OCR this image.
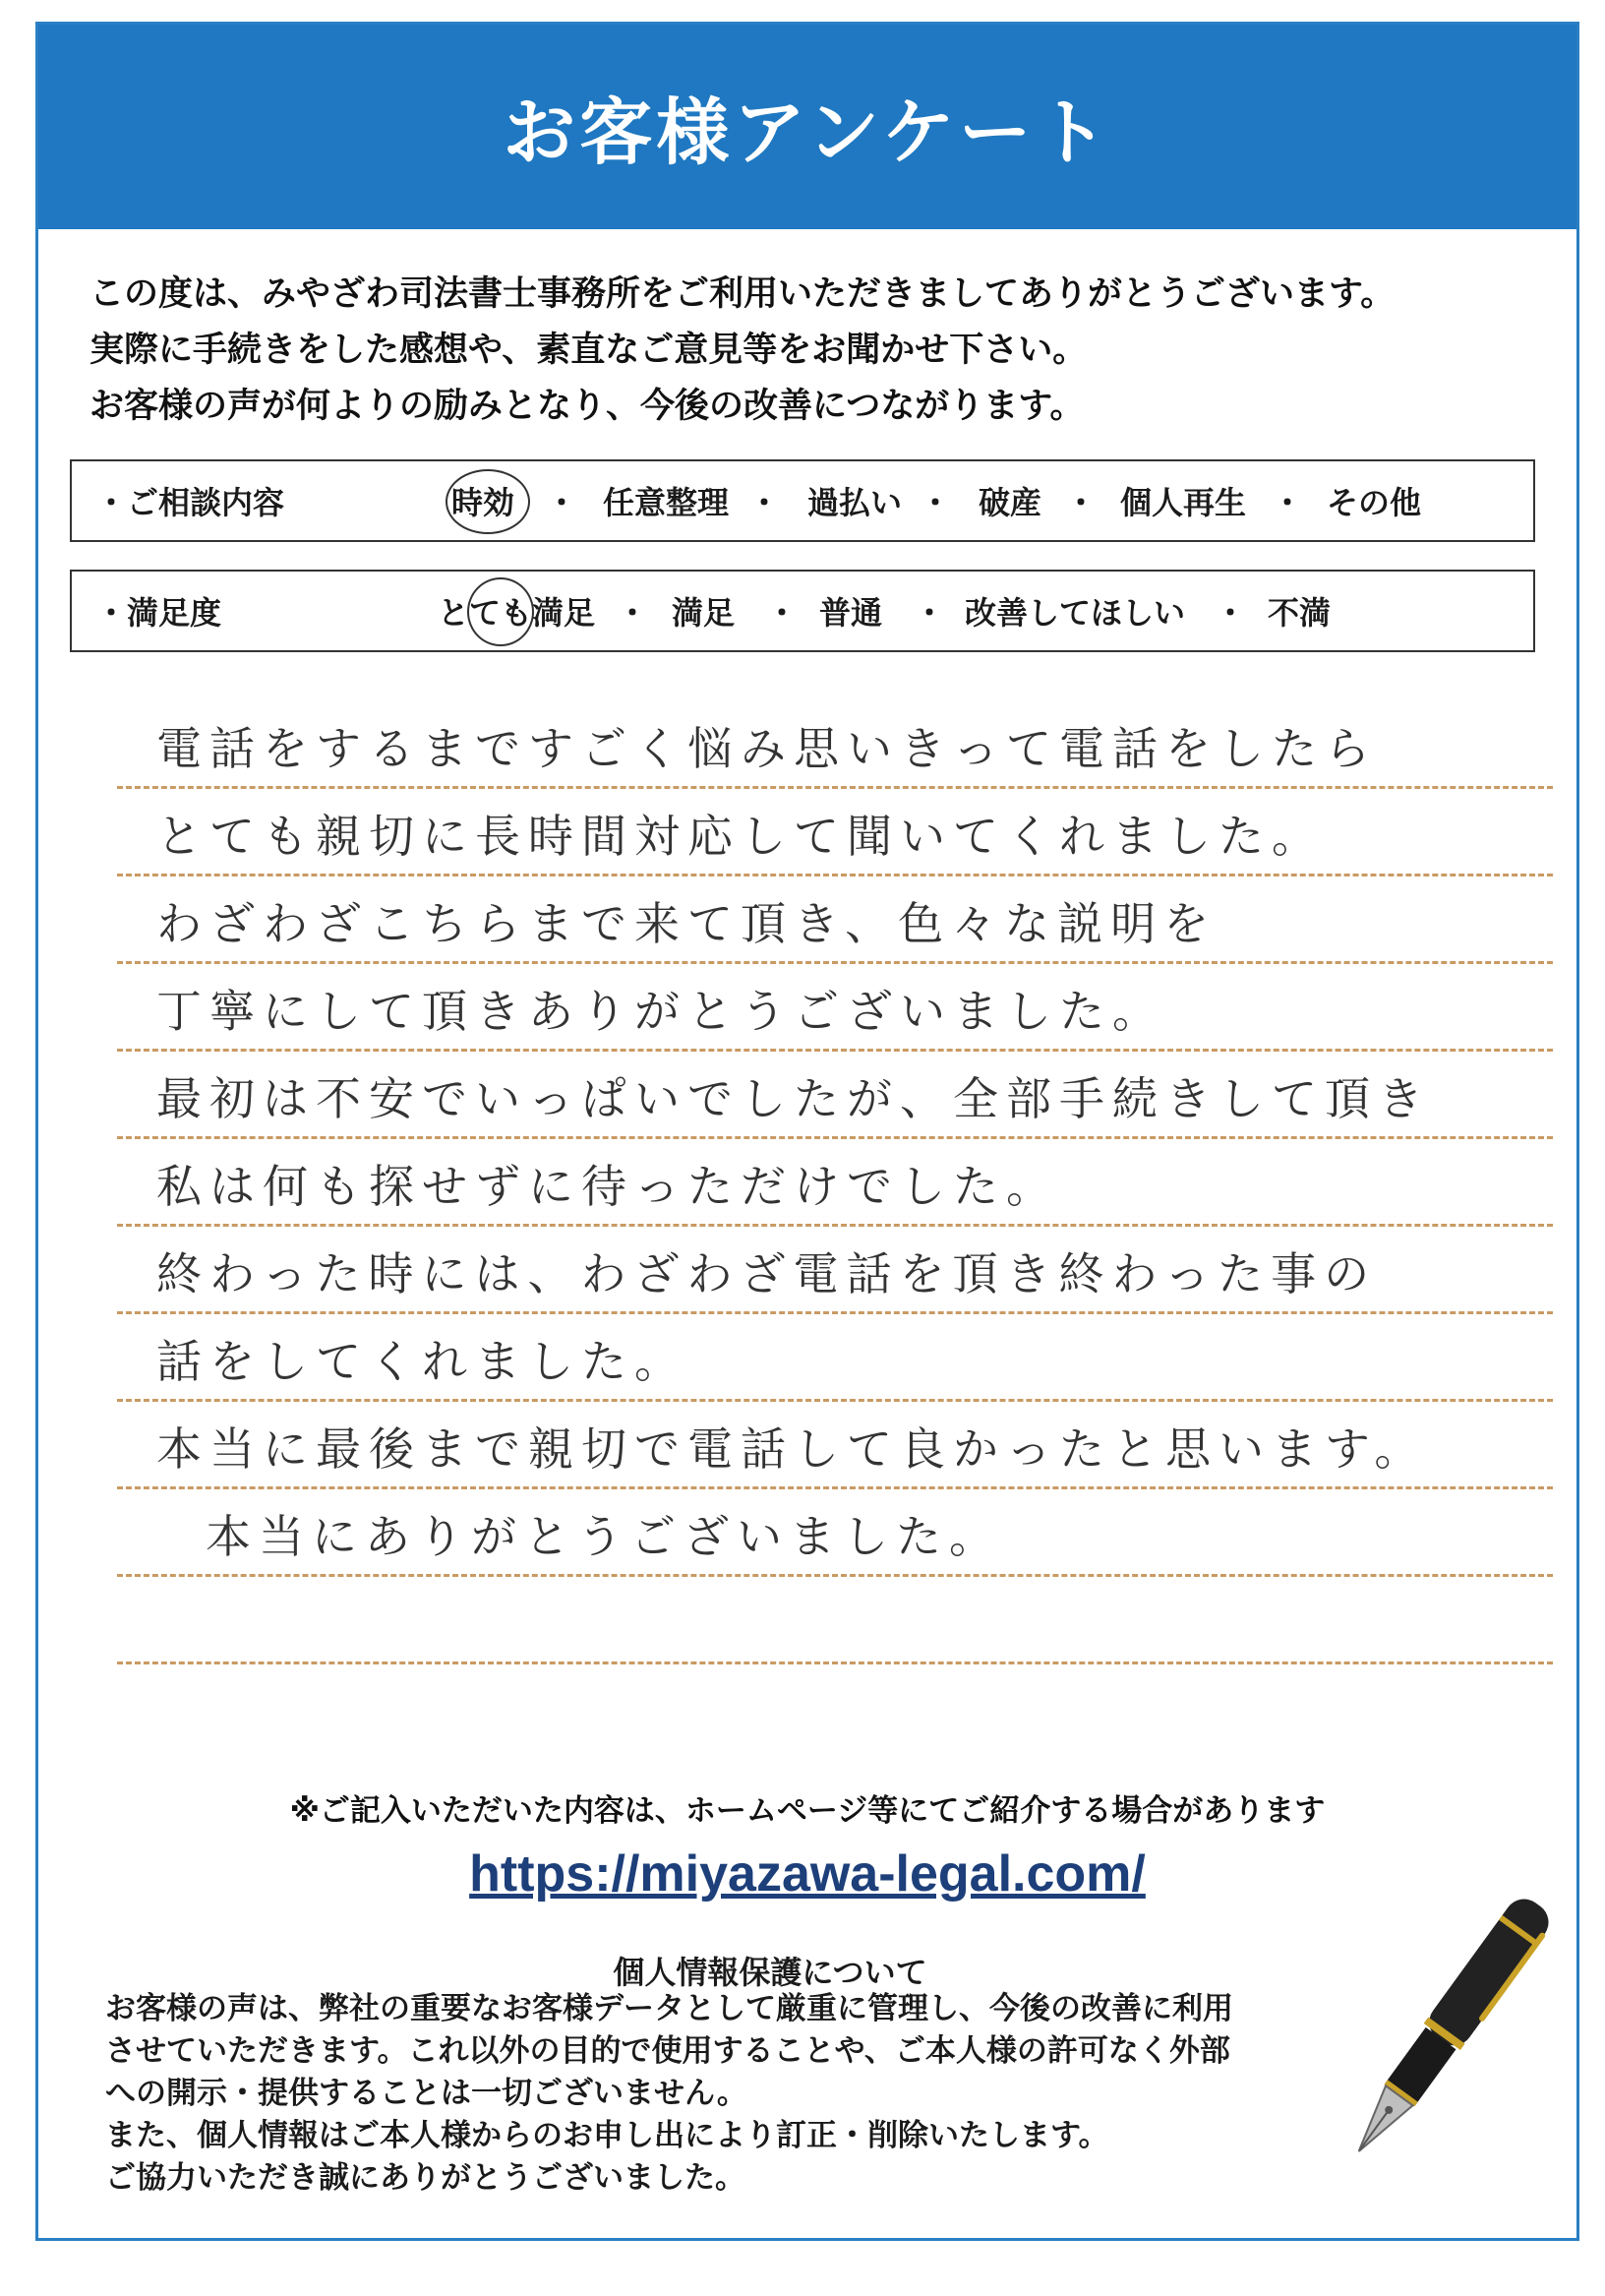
お客様アンケート

この度は、みやざわ司法書士事務所をご利用いただきましてありがとうございます。

実際に手続きをした感想や、素直なご意見等をお聞かせ下さい。

お客様の声が何よりの励みとなり、今後の改善につながります。

・ご相談内容	時効 ・ 任意整理 ・ 過払い ・ 破産 ・ 個人再生 ・ その他
・満足度	とても満足 ・ 満足 ・ 普通 ・ 改善してほしい ・ 不満
電話をするまですごく悩み思いきって電話をしたら
とても親切に長時間対応して聞いてくれました。
わざわざこちらまで来て頂き、色々な説明を
丁寧にして頂きありがとうございました。
最初は不安でいっぱいでしたが、全部手続きして頂き
私は何も探せずに待っただけでした。
終わった時には、わざわざ電話を頂き終わった事の
話をしてくれました。
本当に最後まで親切で電話して良かったと思います。
本当にありがとうございました。
※ご記入いただいた内容は、ホームページ等にてご紹介する場合があります
https://miyazawa-legal.com/
個人情報保護について

お客様の声は、弊社の重要なお客様データとして厳重に管理し、今後の改善に利用

させていただきます。これ以外の目的で使用することや、ご本人様の許可なく外部

への開示・提供することは一切ございません。

また、個人情報はご本人様からのお申し出により訂正・削除いたします。

ご協力いただき誠にありがとうございました。
